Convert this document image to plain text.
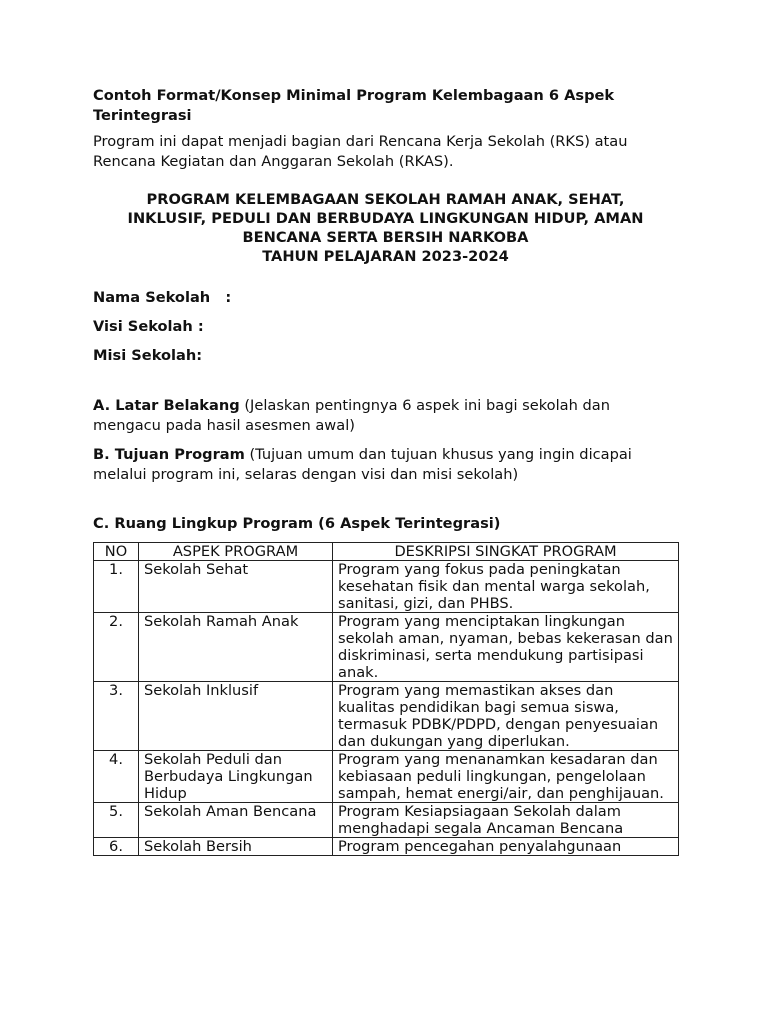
Contoh Format/Konsep Minimal Program Kelembagaan 6 Aspek Terintegrasi

Program ini dapat menjadi bagian dari Rencana Kerja Sekolah (RKS) atau Rencana Kegiatan dan Anggaran Sekolah (RKAS).

PROGRAM KELEMBAGAAN SEKOLAH RAMAH ANAK, SEHAT,
INKLUSIF, PEDULI DAN BERBUDAYA LINGKUNGAN HIDUP, AMAN
BENCANA SERTA BERSIH NARKOBA
TAHUN PELAJARAN 2023-2024

Nama Sekolah   :

Visi Sekolah :

Misi Sekolah:

A. Latar Belakang (Jelaskan pentingnya 6 aspek ini bagi sekolah dan mengacu pada hasil asesmen awal)

B. Tujuan Program (Tujuan umum dan tujuan khusus yang ingin dicapai melalui program ini, selaras dengan visi dan misi sekolah)

C. Ruang Lingkup Program (6 Aspek Terintegrasi)

NO	ASPEK PROGRAM	DESKRIPSI SINGKAT PROGRAM
1.	Sekolah Sehat	Program yang fokus pada peningkatan kesehatan fisik dan mental warga sekolah, sanitasi, gizi, dan PHBS.
2.	Sekolah Ramah Anak	Program yang menciptakan lingkungan sekolah aman, nyaman, bebas kekerasan dan diskriminasi, serta mendukung partisipasi anak.
3.	Sekolah Inklusif	Program yang memastikan akses dan kualitas pendidikan bagi semua siswa, termasuk PDBK/PDPD, dengan penyesuaian dan dukungan yang diperlukan.
4.	Sekolah Peduli dan Berbudaya Lingkungan Hidup	Program yang menanamkan kesadaran dan kebiasaan peduli lingkungan, pengelolaan sampah, hemat energi/air, dan penghijauan.
5.	Sekolah Aman Bencana	Program Kesiapsiagaan Sekolah dalam menghadapi segala Ancaman Bencana
6.	Sekolah Bersih	Program pencegahan penyalahgunaan
